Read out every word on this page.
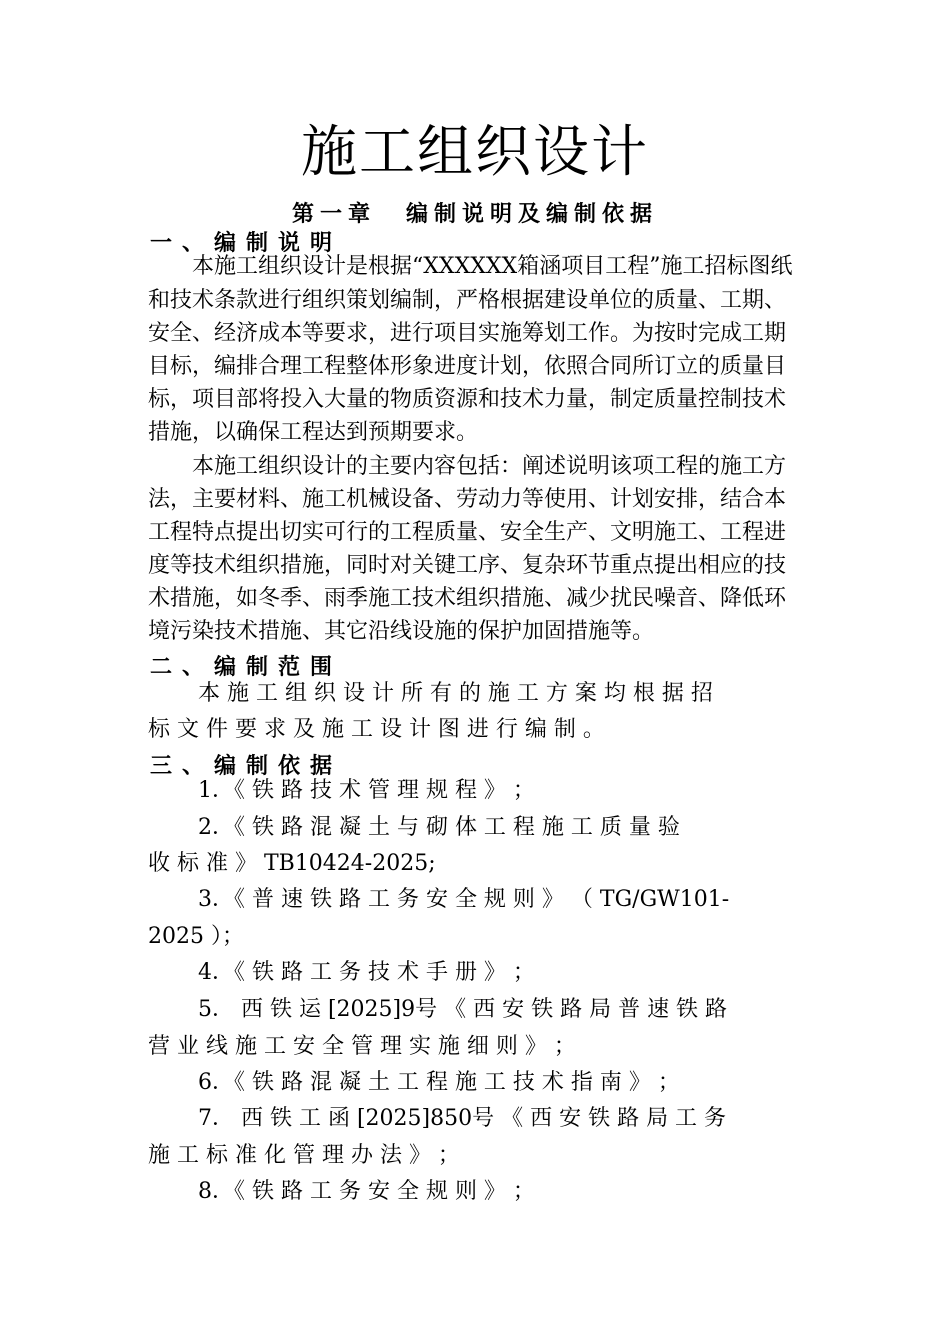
施工组织设计
第一章 编制说明及编制依据
一、编制说明
本施工组织设计是根据“XXXXXX箱涵项目工程”施工招标图纸
和技术条款进行组织策划编制，严格根据建设单位的质量、工期、
安全、经济成本等要求，进行项目实施筹划工作。为按时完成工期
目标，编排合理工程整体形象进度计划，依照合同所订立的质量目
标，项目部将投入大量的物质资源和技术力量，制定质量控制技术
措施，以确保工程达到预期要求。
本施工组织设计的主要内容包括：阐述说明该项工程的施工方
法，主要材料、施工机械设备、劳动力等使用、计划安排，结合本
工程特点提出切实可行的工程质量、安全生产、文明施工、工程进
度等技术组织措施，同时对关键工序、复杂环节重点提出相应的技
术措施，如冬季、雨季施工技术组织措施、减少扰民噪音、降低环
境污染技术措施、其它沿线设施的保护加固措施等。
二、编制范围
本 施 工 组 织 设 计 所 有 的 施 工 方 案 均 根 据 招
标 文 件 要 求 及 施 工 设 计 图 进 行 编 制 。
三、编制依据
1．《 铁 路 技 术 管 理 规 程 》 ；
2．《 铁 路 混 凝 土 与 砌 体 工 程 施 工 质 量 验
收 标 准 》 TB10424-2025;
3．《 普 速 铁 路 工 务 安 全 规 则 》 （ TG/GW101-
2025 ）；
4．《 铁 路 工 务 技 术 手 册 》 ；
5． 西 铁 运 [2025]9号 《 西 安 铁 路 局 普 速 铁 路
营 业 线 施 工 安 全 管 理 实 施 细 则 》 ；
6．《 铁 路 混 凝 土 工 程 施 工 技 术 指 南 》 ；
7． 西 铁 工 函 [2025]850号 《 西 安 铁 路 局 工 务
施 工 标 准 化 管 理 办 法 》 ；
8．《 铁 路 工 务 安 全 规 则 》 ；
